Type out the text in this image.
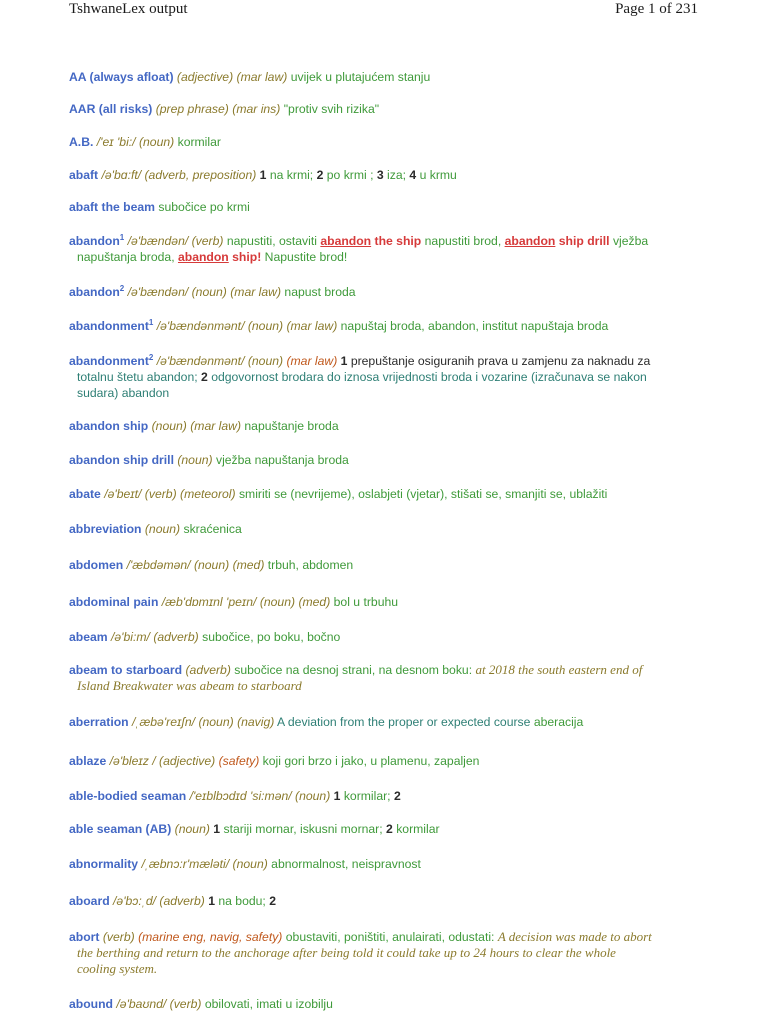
TshwaneLex output	Page 1 of 231
AA (always afloat) (adjective) (mar law) uvijek u plutajućem stanju
AAR (all risks) (prep phrase) (mar ins) "protiv svih rizika"
A.B. /'eɪ 'bi:/ (noun) kormilar
abaft /ə'bɑ:ft/ (adverb, preposition) 1 na krmi; 2 po krmi ; 3 iza; 4 u krmu
abaft the beam subočice po krmi
abandon$^1$ /ə'bændən/ (verb) napustiti, ostaviti abandon the ship napustiti brod, abandon ship drill vježba
napuštanja broda, abandon ship! Napustite brod!
abandon$^2$ /ə'bændən/ (noun) (mar law) napust broda
abandonment$^1$ /ə'bændənmənt/ (noun) (mar law) napuštaj broda, abandon, institut napuštaja broda
abandonment$^2$ /ə'bændənmənt/ (noun) (mar law) 1 prepuštanje osiguranih prava u zamjenu za naknadu za
totalnu štetu abandon; 2 odgovornost brodara do iznosa vrijednosti broda i vozarine (izračunava se nakon
sudara) abandon
abandon ship (noun) (mar law) napuštanje broda
abandon ship drill (noun) vježba napuštanja broda
abate /ə'beɪt/ (verb) (meteorol) smiriti se (nevrijeme), oslabjeti (vjetar), stišati se, smanjiti se, ublažiti
abbreviation (noun) skraćenica
abdomen /'æbdəmən/ (noun) (med) trbuh, abdomen
abdominal pain /æb'dɒmɪnl 'peɪn/ (noun) (med) bol u trbuhu
abeam /ə'bi:m/ (adverb) subočice, po boku, bočno
abeam to starboard (adverb) subočice na desnoj strani, na desnom boku: at 2018 the south eastern end of
Island Breakwater was abeam to starboard
aberration /ˌæbə'reɪʃn/ (noun) (navig) A deviation from the proper or expected course aberacija
ablaze /ə'bleɪz / (adjective) (safety) koji gori brzo i jako, u plamenu, zapaljen
able-bodied seaman /'eɪblbɔdɪd 'si:mən/ (noun) 1 kormilar; 2
able seaman (AB) (noun) 1 stariji mornar, iskusni mornar; 2 kormilar
abnormality /ˌæbnɔ:r'mæləti/ (noun) abnormalnost, neispravnost
aboard /ə'bɔ:ˌd/ (adverb) 1 na bodu; 2
abort (verb) (marine eng, navig, safety) obustaviti, poništiti, anulairati, odustati: A decision was made to abort
the berthing and return to the anchorage after being told it could take up to 24 hours to clear the whole
cooling system.
abound /ə'baʊnd/ (verb) obilovati, imati u izobilju
